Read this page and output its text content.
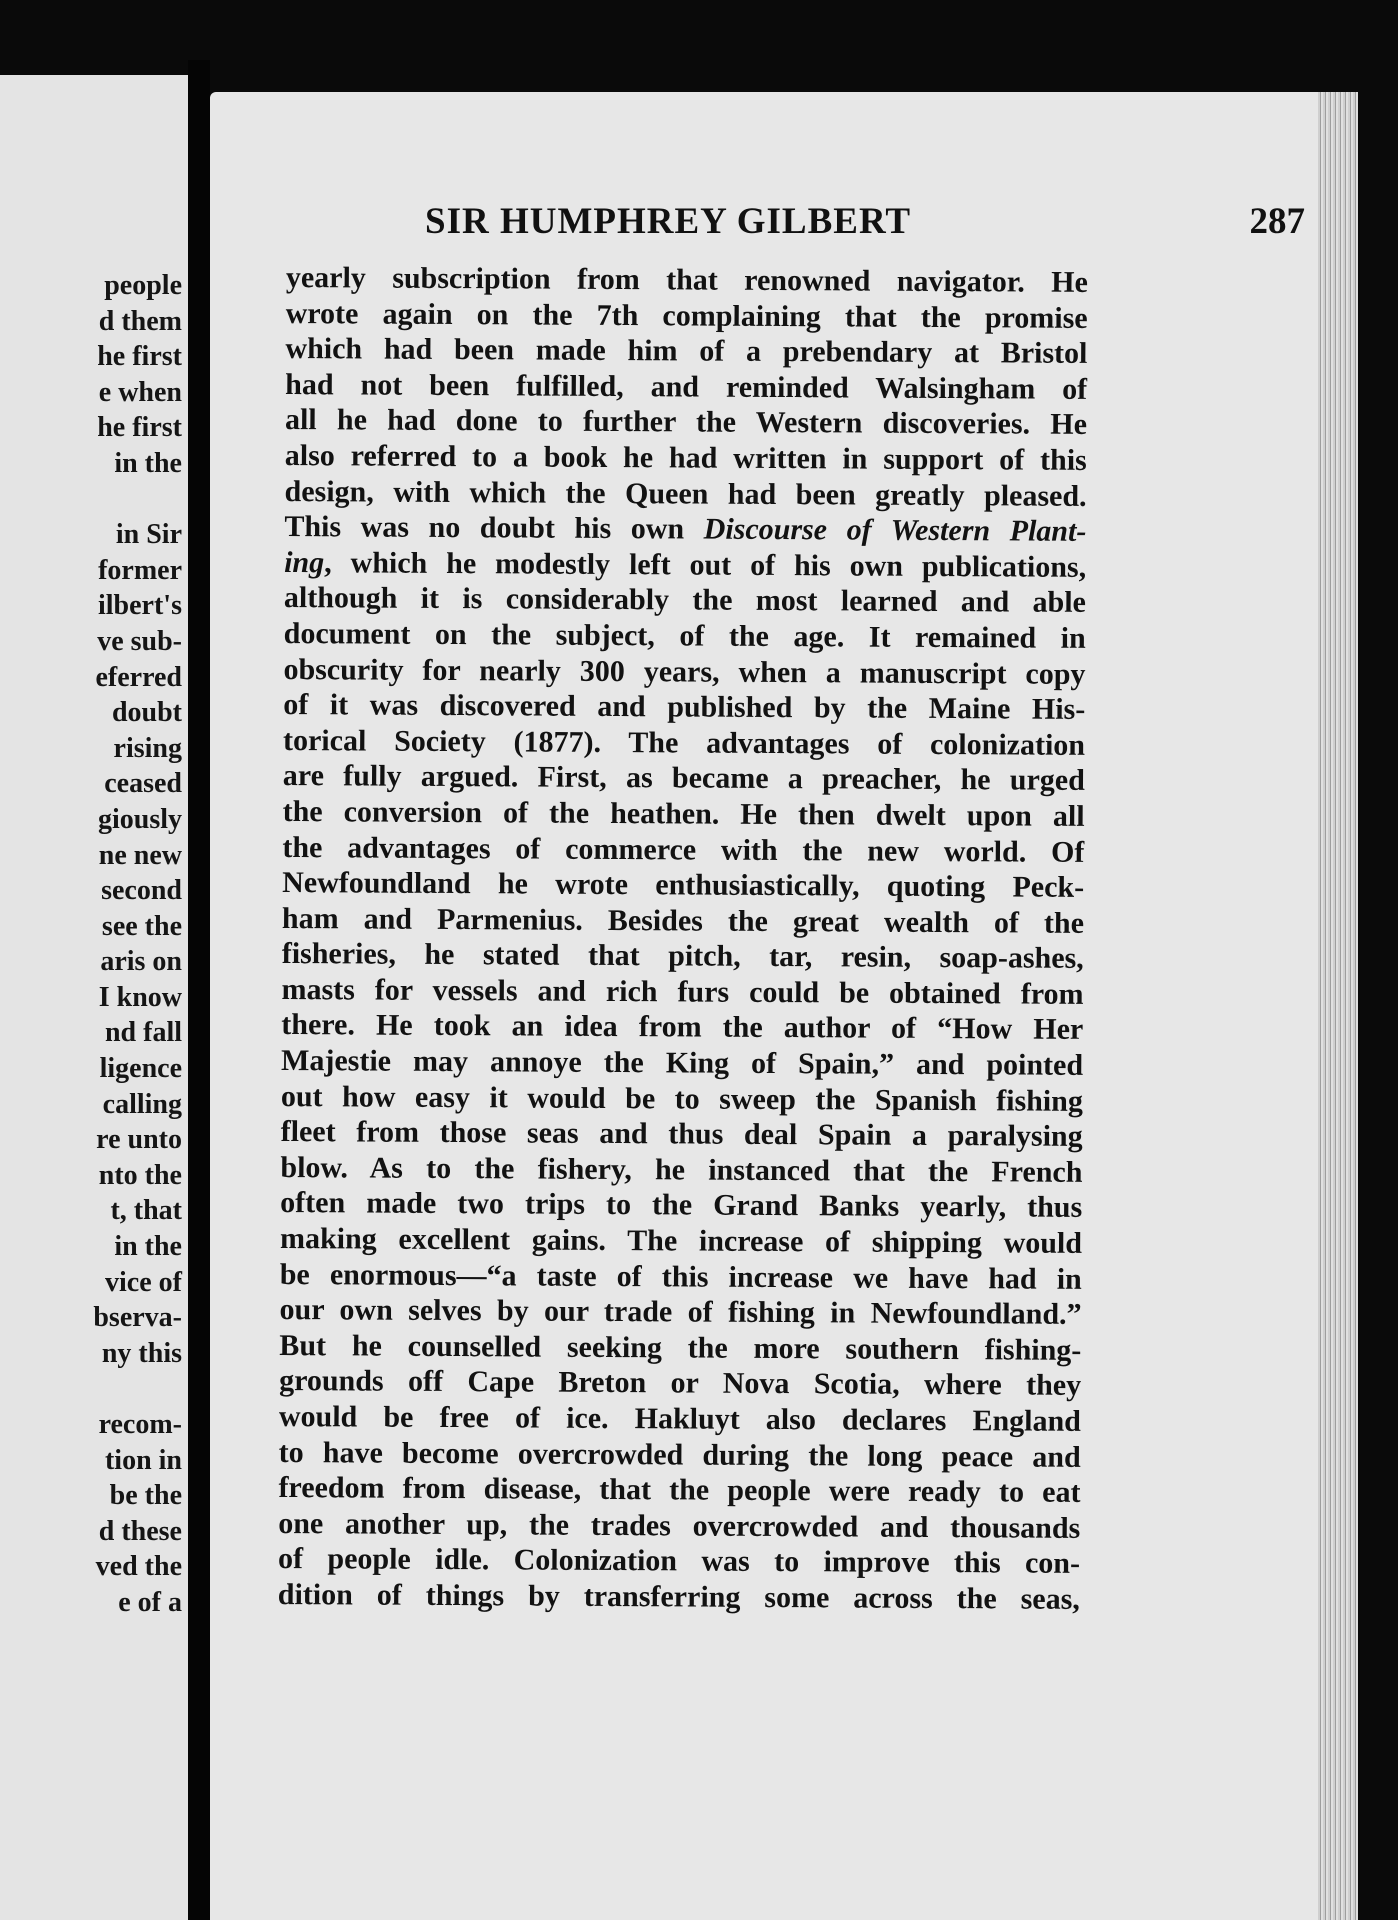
people
d them
he first
e when
he first
in the
in Sir
former
ilbert's
ve sub-
eferred
doubt
rising
ceased
giously
ne new
second
see the
aris on
I know
nd fall
ligence
calling
re unto
nto the
t, that
in the
vice of
bserva-
ny this
recom-
tion in
be the
d these
ved the
e of a
SIR HUMPHREY GILBERT	287
yearly subscription from that renowned navigator. He
wrote again on the 7th complaining that the promise
which had been made him of a prebendary at Bristol
had not been fulfilled, and reminded Walsingham of
all he had done to further the Western discoveries. He
also referred to a book he had written in support of this
design, with which the Queen had been greatly pleased.
This was no doubt his own Discourse of Western Plant-
ing, which he modestly left out of his own publications,
although it is considerably the most learned and able
document on the subject, of the age. It remained in
obscurity for nearly 300 years, when a manuscript copy
of it was discovered and published by the Maine His-
torical Society (1877). The advantages of colonization
are fully argued. First, as became a preacher, he urged
the conversion of the heathen. He then dwelt upon all
the advantages of commerce with the new world. Of
Newfoundland he wrote enthusiastically, quoting Peck-
ham and Parmenius. Besides the great wealth of the
fisheries, he stated that pitch, tar, resin, soap-ashes,
masts for vessels and rich furs could be obtained from
there. He took an idea from the author of “How Her
Majestie may annoye the King of Spain,” and pointed
out how easy it would be to sweep the Spanish fishing
fleet from those seas and thus deal Spain a paralysing
blow. As to the fishery, he instanced that the French
often made two trips to the Grand Banks yearly, thus
making excellent gains. The increase of shipping would
be enormous—“a taste of this increase we have had in
our own selves by our trade of fishing in Newfoundland.”
But he counselled seeking the more southern fishing-
grounds off Cape Breton or Nova Scotia, where they
would be free of ice. Hakluyt also declares England
to have become overcrowded during the long peace and
freedom from disease, that the people were ready to eat
one another up, the trades overcrowded and thousands
of people idle. Colonization was to improve this con-
dition of things by transferring some across the seas,
